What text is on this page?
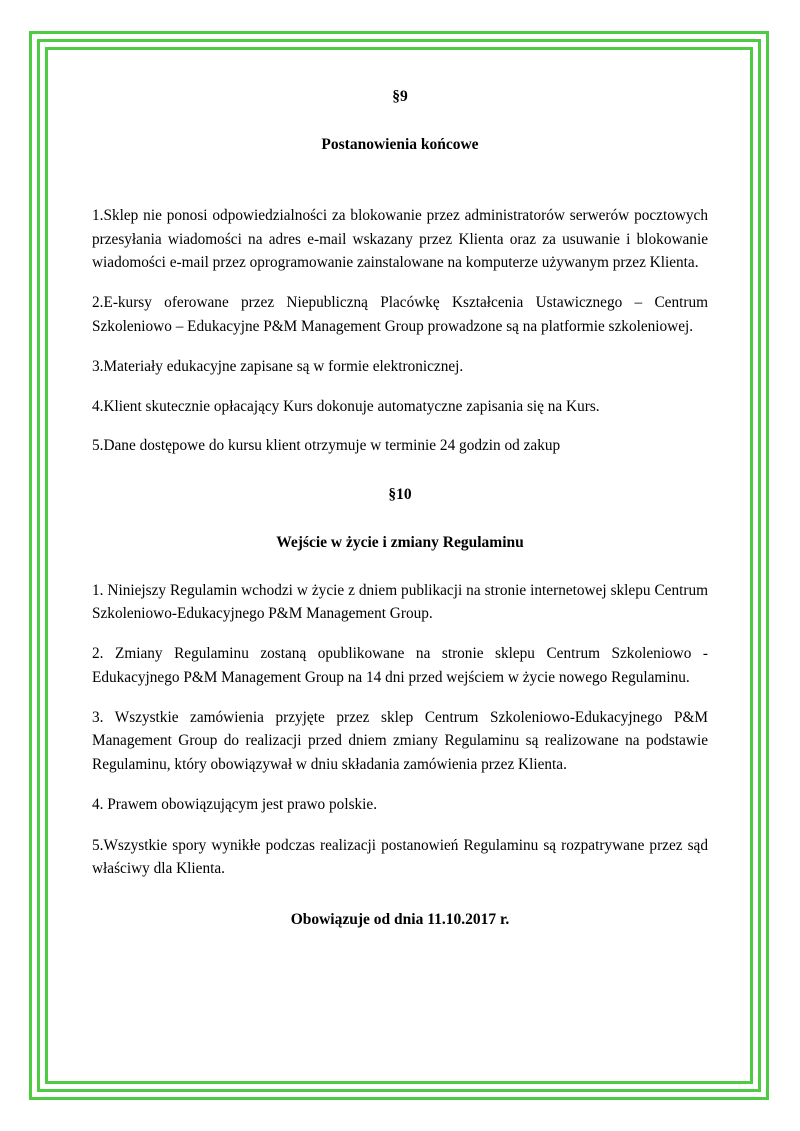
§9
Postanowienia końcowe

1.Sklep nie ponosi odpowiedzialności za blokowanie przez administratorów serwerów pocztowych przesyłania wiadomości na adres e-mail wskazany przez Klienta oraz za usuwanie i blokowanie wiadomości e-mail przez oprogramowanie zainstalowane na komputerze używanym przez Klienta.

2.E-kursy oferowane przez Niepubliczną Placówkę Kształcenia Ustawicznego – Centrum Szkoleniowo – Edukacyjne P&M Management Group prowadzone są na platformie szkoleniowej.

3.Materiały edukacyjne zapisane są w formie elektronicznej.

4.Klient skutecznie opłacający Kurs dokonuje automatyczne zapisania się na Kurs.

5.Dane dostępowe do kursu klient otrzymuje w terminie 24 godzin od zakup

§10
Wejście w życie i zmiany Regulaminu

1. Niniejszy Regulamin wchodzi w życie z dniem publikacji na stronie internetowej sklepu Centrum Szkoleniowo-Edukacyjnego P&M Management Group.

2. Zmiany Regulaminu zostaną opublikowane na stronie sklepu Centrum Szkoleniowo - Edukacyjnego P&M Management Group na 14 dni przed wejściem w życie nowego Regulaminu.

3. Wszystkie zamówienia przyjęte przez sklep Centrum Szkoleniowo-Edukacyjnego P&M Management Group do realizacji przed dniem zmiany Regulaminu są realizowane na podstawie Regulaminu, który obowiązywał w dniu składania zamówienia przez Klienta.

4. Prawem obowiązującym jest prawo polskie.

5.Wszystkie spory wynikłe podczas realizacji postanowień Regulaminu są rozpatrywane przez sąd właściwy dla Klienta.

Obowiązuje od dnia 11.10.2017 r.
